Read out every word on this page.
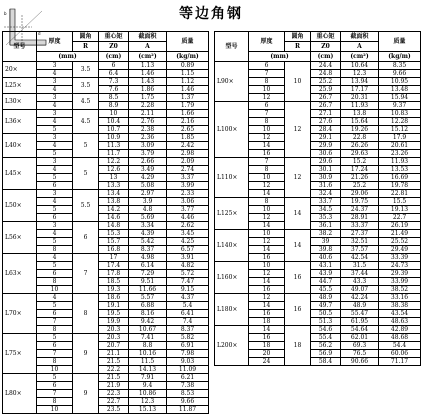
等边角钢
b
d
型号	厚度	圆角	重心矩	截面积	质量
		R	Z0	A	
	(mm)		(cm)	(cm²)	(kg/m)
20×	3	3.5	6	1.13	0.89
	4		6.4	1.46	1.15
L25×	3	3.5	7.3	1.43	1.12
	4		7.6	1.86	1.46
L30×	3	4.5	8.5	1.75	1.37
	4		8.9	2.28	1.79
L36×	3	4.5	10	2.11	1.66
	4		10.4	2.76	2.16
	5		10.7	2.38	2.65
L40×	3	5	10.9	2.36	1.85
	4		11.3	3.09	2.42
	5		11.7	3.79	2.98
L45×	3	5	12.2	2.66	2.09
	4		12.6	3.49	2.74
	5		13	4.29	3.37
	6		13.3	5.08	3.99
L50×	3	5.5	13.4	2.97	2.33
	4		13.8	3.9	3.06
	5		14.2	4.8	3.77
	6		14.6	5.69	4.46
L56×	3	6	14.8	3.34	2.62
	4		15.3	4.39	3.45
	5		15.7	5.42	4.25
	8		16.8	8.37	6.57
L63×	4	7	17	4.98	3.91
	5		17.4	6.14	4.82
	6		17.8	7.29	5.72
	8		18.5	9.51	7.47
	10		19.3	11.66	9.15
L70×	4	8	18.6	5.57	4.37
	5		19.1	6.88	5.4
	6		19.5	8.16	6.41
	7		19.9	9.42	7.4
	8		20.3	10.67	8.37
L75×	5	9	20.3	7.41	5.82
	6		20.7	8.8	6.91
	7		21.1	10.16	7.98
	8		21.5	11.5	9.03
	10		22.2	14.13	11.09
L80×	5	9	21.5	7.91	6.21
	6		21.9	9.4	7.38
	7		22.3	10.86	8.53
	8		22.7	12.3	9.66
	10		23.5	15.13	11.87
型号	厚度	圆角	重心矩	截面积	质量
		R	Z0	A	
	(mm)		(cm)	(cm²)	(kg/m)
L90×	6	10	24.4	10.64	8.35
	7		24.8	12.3	9.66
	8		25.2	13.94	10.95
	10		25.9	17.17	13.48
	12		26.7	20.31	15.94
L100×	6	12	26.7	11.93	9.37
	7		27.1	13.8	10.83
	8		27.6	15.64	12.28
	10		28.4	19.26	15.12
	12		29.1	22.8	17.9
	14		29.9	26.26	20.61
	16		30.6	29.63	23.26
L110×	7	12	29.6	15.2	11.93
	8		30.1	17.24	13.53
	10		30.9	21.26	16.69
	12		31.6	25.2	19.78
	14		32.4	29.06	22.81
L125×	8	14	33.7	19.75	15.5
	10		34.5	24.37	19.13
	12		35.3	28.91	22.7
	14		36.1	33.37	26.19
L140×	10	14	38.2	27.37	21.49
	12		39	32.51	25.52
	14		39.8	37.57	29.49
	16		40.6	42.54	33.39
L160×	10	16	43.1	31.5	24.73
	12		43.9	37.44	29.39
	14		44.7	43.3	33.99
	16		45.5	49.07	38.52
L180×	12	16	48.9	42.24	33.16
	14		49.7	48.9	38.38
	16		50.5	55.47	43.54
	18		51.3	61.95	48.63
L200×	14	18	54.6	54.64	42.89
	16		55.4	62.01	48.68
	18		56.2	69.3	54.4
	20		56.9	76.5	60.06
	24		58.4	90.66	71.17
